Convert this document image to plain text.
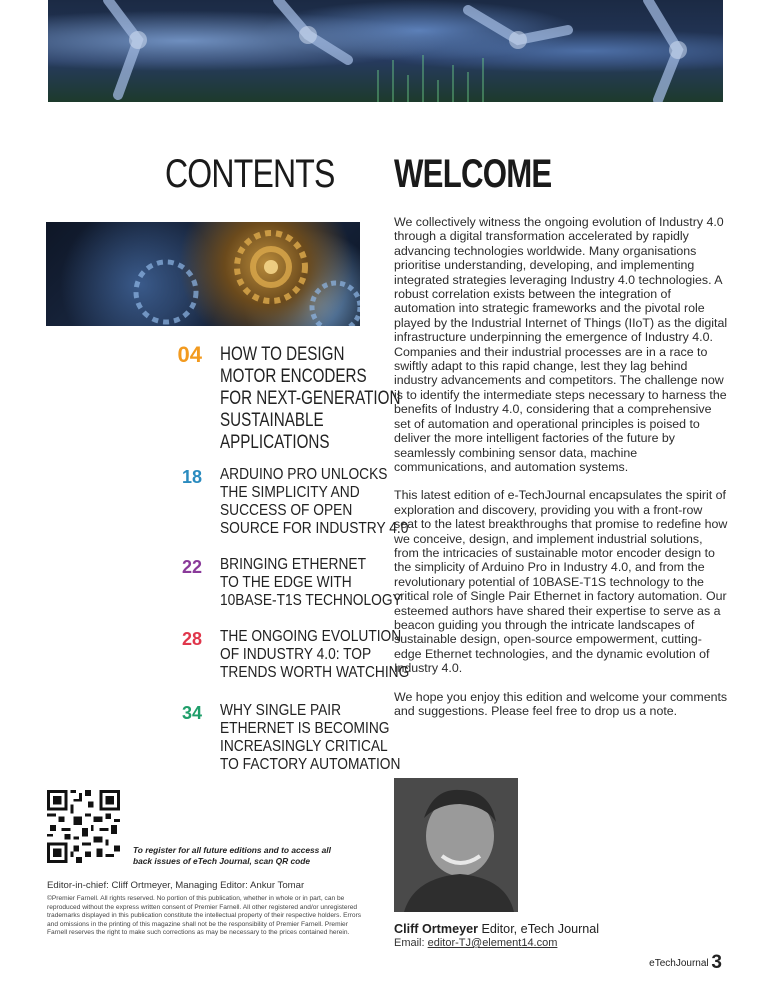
CONTENTS WELCOME
04 HOW TO DESIGN
MOTOR ENCODERS
FOR NEXT-GENERATION
SUSTAINABLE
APPLICATIONS
18 ARDUINO PRO UNLOCKS
THE SIMPLICITY AND
SUCCESS OF OPEN
SOURCE FOR INDUSTRY 4.0
22 BRINGING ETHERNET
TO THE EDGE WITH
10BASE-T1S TECHNOLOGY
28 THE ONGOING EVOLUTION
OF INDUSTRY 4.0: TOP
TRENDS WORTH WATCHING
34 WHY SINGLE PAIR
ETHERNET IS BECOMING
INCREASINGLY CRITICAL
TO FACTORY AUTOMATION

We collectively witness the ongoing evolution of Industry 4.0 through a digital transformation accelerated by rapidly advancing technologies worldwide. Many organisations prioritise understanding, developing, and implementing integrated strategies leveraging Industry 4.0 technologies. A robust correlation exists between the integration of automation into strategic frameworks and the pivotal role played by the Industrial Internet of Things (IIoT) as the digital infrastructure underpinning the emergence of Industry 4.0. Companies and their industrial processes are in a race to swiftly adapt to this rapid change, lest they lag behind industry advancements and competitors. The challenge now is to identify the intermediate steps necessary to harness the benefits of Industry 4.0, considering that a comprehensive set of automation and operational principles is poised to deliver the more intelligent factories of the future by seamlessly combining sensor data, machine communications, and automation systems.

This latest edition of e-TechJournal encapsulates the spirit of exploration and discovery, providing you with a front-row seat to the latest breakthroughs that promise to redefine how we conceive, design, and implement industrial solutions, from the intricacies of sustainable motor encoder design to the simplicity of Arduino Pro in Industry 4.0, and from the revolutionary potential of 10BASE-T1S technology to the critical role of Single Pair Ethernet in factory automation. Our esteemed authors have shared their expertise to serve as a beacon guiding you through the intricate landscapes of sustainable design, open-source empowerment, cutting-edge Ethernet technologies, and the dynamic evolution of Industry 4.0.

We hope you enjoy this edition and welcome your comments and suggestions. Please feel free to drop us a note.

To register for all future editions and to access all back issues of eTech Journal, scan QR code
Editor-in-chief: Cliff Ortmeyer, Managing Editor: Ankur Tomar
©Premier Farnell. All rights reserved. No portion of this publication, whether in whole or in part, can be reproduced without the express written consent of Premier Farnell. All other registered and/or unregistered trademarks displayed in this publication constitute the intellectual property of their respective holders. Errors and omissions in the printing of this magazine shall not be the responsibility of Premier Farnell. Premier Farnell reserves the right to make such corrections as may be necessary to the prices contained herein.	Cliff Ortmeyer Editor, eTech Journal
Email: editor-TJ@element14.com
eTechJournal 3
